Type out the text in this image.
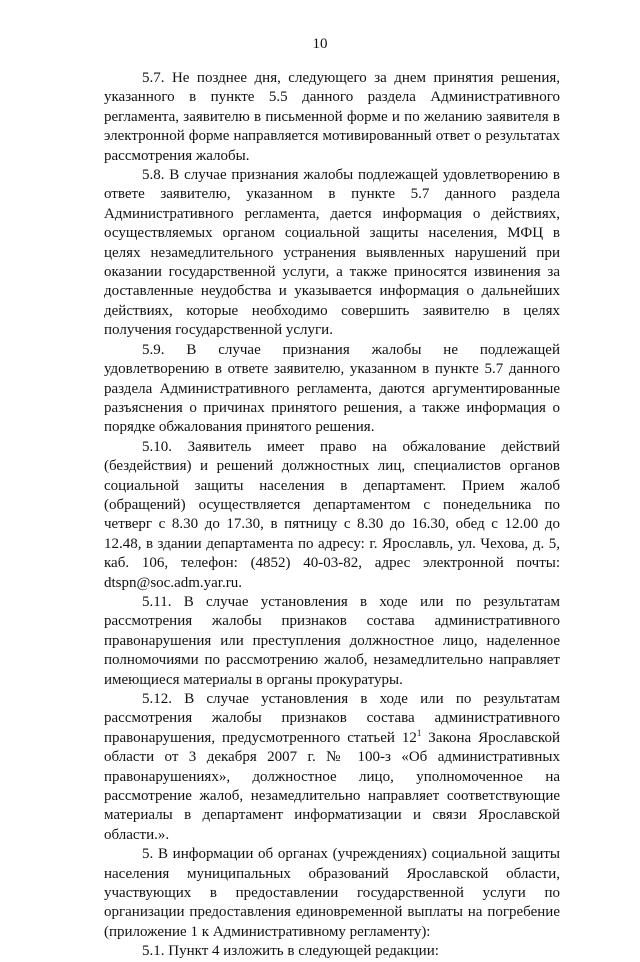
10

5.7. Не позднее дня, следующего за днем принятия решения, указанного в пункте 5.5 данного раздела Административного регламента, заявителю в письменной форме и по желанию заявителя в электронной форме направляется мотивированный ответ о результатах рассмотрения жалобы.

5.8. В случае признания жалобы подлежащей удовлетворению в ответе заявителю, указанном в пункте 5.7 данного раздела Административного регламента, дается информация о действиях, осуществляемых органом социальной защиты населения, МФЦ в целях незамедлительного устранения выявленных нарушений при оказании государственной услуги, а также приносятся извинения за доставленные неудобства и указывается информация о дальнейших действиях, которые необходимо совершить заявителю в целях получения государственной услуги.

5.9. В случае признания жалобы не подлежащей удовлетворению в ответе заявителю, указанном в пункте 5.7 данного раздела Административного регламента, даются аргументированные разъяснения о причинах принятого решения, а также информация о порядке обжалования принятого решения.

5.10. Заявитель имеет право на обжалование действий (бездействия) и решений должностных лиц, специалистов органов социальной защиты населения в департамент. Прием жалоб (обращений) осуществляется департаментом с понедельника по четверг с 8.30 до 17.30, в пятницу с 8.30 до 16.30, обед с 12.00 до 12.48, в здании департамента по адресу: г. Ярославль, ул. Чехова, д. 5, каб. 106, телефон: (4852) 40-03-82, адрес электронной почты: dtspn@soc.adm.yar.ru.

5.11. В случае установления в ходе или по результатам рассмотрения жалобы признаков состава административного правонарушения или преступления должностное лицо, наделенное полномочиями по рассмотрению жалоб, незамедлительно направляет имеющиеся материалы в органы прокуратуры.

5.12. В случае установления в ходе или по результатам рассмотрения жалобы признаков состава административного правонарушения, предусмотренного статьей 12$^1$ Закона Ярославской области от 3 декабря 2007 г. № 100-з «Об административных правонарушениях», должностное лицо, уполномоченное на рассмотрение жалоб, незамедлительно направляет соответствующие материалы в департамент информатизации и связи Ярославской области.».

5. В информации об органах (учреждениях) социальной защиты населения муниципальных образований Ярославской области, участвующих в предоставлении государственной услуги по организации предоставления единовременной выплаты на погребение (приложение 1 к Административному регламенту):

5.1. Пункт 4 изложить в следующей редакции:
